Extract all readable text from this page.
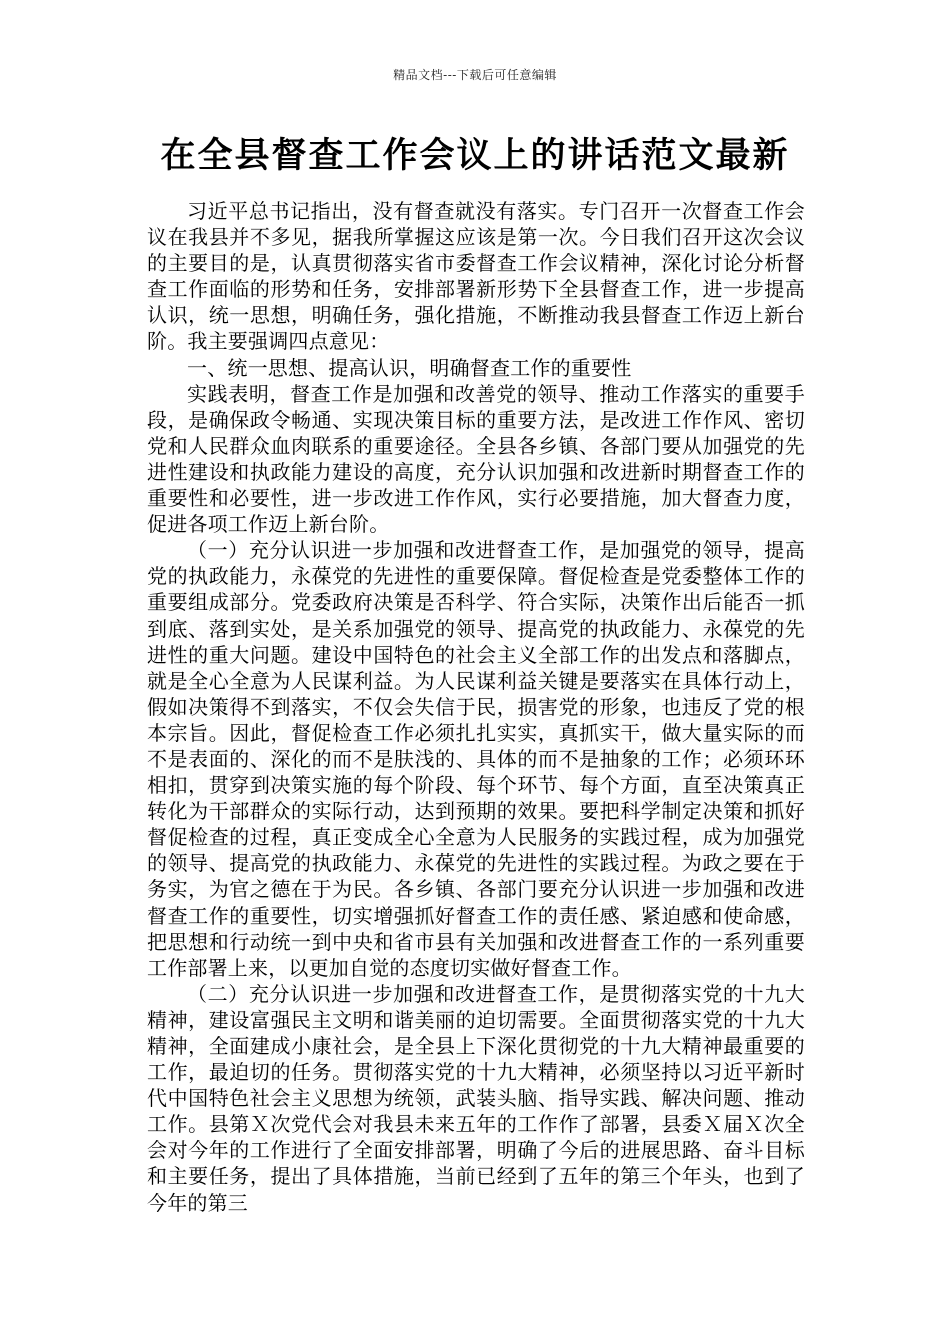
精品文档---下载后可任意编辑
在全县督查工作会议上的讲话范文最新

习近平总书记指出，没有督查就没有落实。专门召开一次督查工作会议在我县并不多见，据我所掌握这应该是第一次。今日我们召开这次会议的主要目的是，认真贯彻落实省市委督查工作会议精神，深化讨论分析督查工作面临的形势和任务，安排部署新形势下全县督查工作，进一步提高认识，统一思想，明确任务，强化措施，不断推动我县督查工作迈上新台阶。我主要强调四点意见：

一、统一思想、提高认识，明确督查工作的重要性

实践表明，督查工作是加强和改善党的领导、推动工作落实的重要手段，是确保政令畅通、实现决策目标的重要方法，是改进工作作风、密切党和人民群众血肉联系的重要途径。全县各乡镇、各部门要从加强党的先进性建设和执政能力建设的高度，充分认识加强和改进新时期督查工作的重要性和必要性，进一步改进工作作风，实行必要措施，加大督查力度，促进各项工作迈上新台阶。

（一）充分认识进一步加强和改进督查工作，是加强党的领导，提高党的执政能力，永葆党的先进性的重要保障。督促检查是党委整体工作的重要组成部分。党委政府决策是否科学、符合实际，决策作出后能否一抓到底、落到实处，是关系加强党的领导、提高党的执政能力、永葆党的先进性的重大问题。建设中国特色的社会主义全部工作的出发点和落脚点，就是全心全意为人民谋利益。为人民谋利益关键是要落实在具体行动上，假如决策得不到落实，不仅会失信于民，损害党的形象，也违反了党的根本宗旨。因此，督促检查工作必须扎扎实实，真抓实干，做大量实际的而不是表面的、深化的而不是肤浅的、具体的而不是抽象的工作；必须环环相扣，贯穿到决策实施的每个阶段、每个环节、每个方面，直至决策真正转化为干部群众的实际行动，达到预期的效果。要把科学制定决策和抓好督促检查的过程，真正变成全心全意为人民服务的实践过程，成为加强党的领导、提高党的执政能力、永葆党的先进性的实践过程。为政之要在于务实，为官之德在于为民。各乡镇、各部门要充分认识进一步加强和改进督查工作的重要性，切实增强抓好督查工作的责任感、紧迫感和使命感，把思想和行动统一到中央和省市县有关加强和改进督查工作的一系列重要工作部署上来，以更加自觉的态度切实做好督查工作。

（二）充分认识进一步加强和改进督查工作，是贯彻落实党的十九大精神，建设富强民主文明和谐美丽的迫切需要。全面贯彻落实党的十九大精神，全面建成小康社会，是全县上下深化贯彻党的十九大精神最重要的工作，最迫切的任务。贯彻落实党的十九大精神，必须坚持以习近平新时代中国特色社会主义思想为统领，武装头脑、指导实践、解决问题、推动工作。县第Ｘ次党代会对我县未来五年的工作作了部署，县委Ｘ届Ｘ次全会对今年的工作进行了全面安排部署，明确了今后的进展思路、奋斗目标和主要任务，提出了具体措施，当前已经到了五年的第三个年头，也到了今年的第三
